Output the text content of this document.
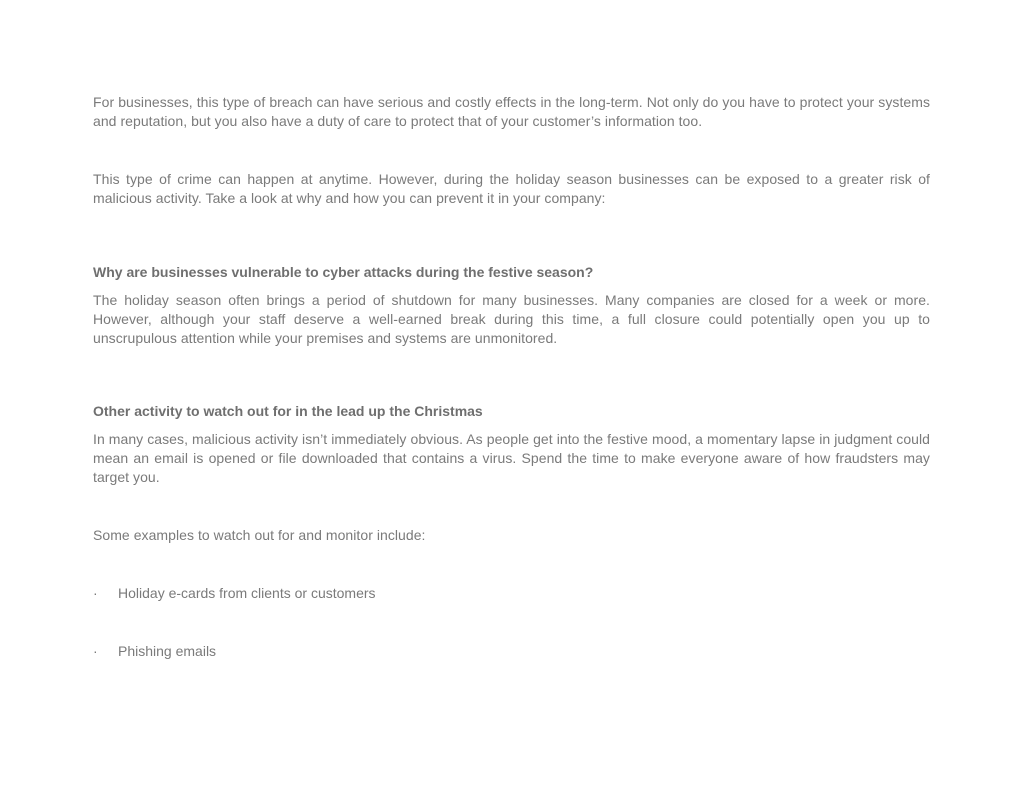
For businesses, this type of breach can have serious and costly effects in the long-term. Not only do you have to protect your systems and reputation, but you also have a duty of care to protect that of your customer’s information too.

This type of crime can happen at anytime. However, during the holiday season businesses can be exposed to a greater risk of malicious activity. Take a look at why and how you can prevent it in your company:

Why are businesses vulnerable to cyber attacks during the festive season?

The holiday season often brings a period of shutdown for many businesses. Many companies are closed for a week or more. However, although your staff deserve a well-earned break during this time, a full closure could potentially open you up to unscrupulous attention while your premises and systems are unmonitored.

Other activity to watch out for in the lead up the Christmas

In many cases, malicious activity isn’t immediately obvious. As people get into the festive mood, a momentary lapse in judgment could mean an email is opened or file downloaded that contains a virus. Spend the time to make everyone aware of how fraudsters may target you.

Some examples to watch out for and monitor include:

·	Holiday e-cards from clients or customers
·	Phishing emails
